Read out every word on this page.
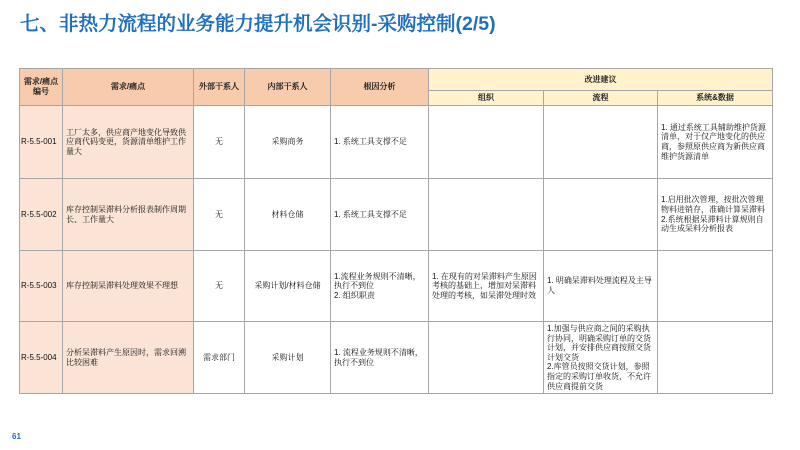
七、非热力流程的业务能力提升机会识别-采购控制(2/5)
需求/痛点编号	需求/痛点	外部干系人	内部干系人	根因分析	改进建议		
					组织	流程	系统&数据
R-5.5-001	工厂太多，供应商产地变化导致供应商代码变更，货源清单维护工作量大	无	采购商务	1. 系统工具支撑不足			1. 通过系统工具辅助维护货源清单，对于仅产地变化的供应商，参照原供应商为新供应商维护货源清单
R-5.5-002	库存控制呆滞料分析报表制作周期长、工作量大	无	材料仓储	1. 系统工具支撑不足			1.启用批次管理，按批次管理物料进销存，准确计算呆滞料
2.系统根据呆滞料计算规则自动生成呆料分析报表
R-5.5-003	库存控制呆滞料处理效果不理想	无	采购计划/材料仓储	1.流程业务规则不清晰，执行不到位
2. 组织职责	1. 在现有的对呆滞料产生原因考核的基础上，增加对呆滞料处理的考核，如呆滞处理时效	1. 明确呆滞料处理流程及主导人	
R-5.5-004	分析呆滞料产生原因时，需求回溯比较困难	需求部门	采购计划	1. 流程业务规则不清晰，执行不到位		1.加强与供应商之间的采购执行协同，明确采购订单的交货计划，并安排供应商按照交货计划交货
2.库管员按照交货计划，参照指定的采购订单收货，不允许供应商提前交货	
61
